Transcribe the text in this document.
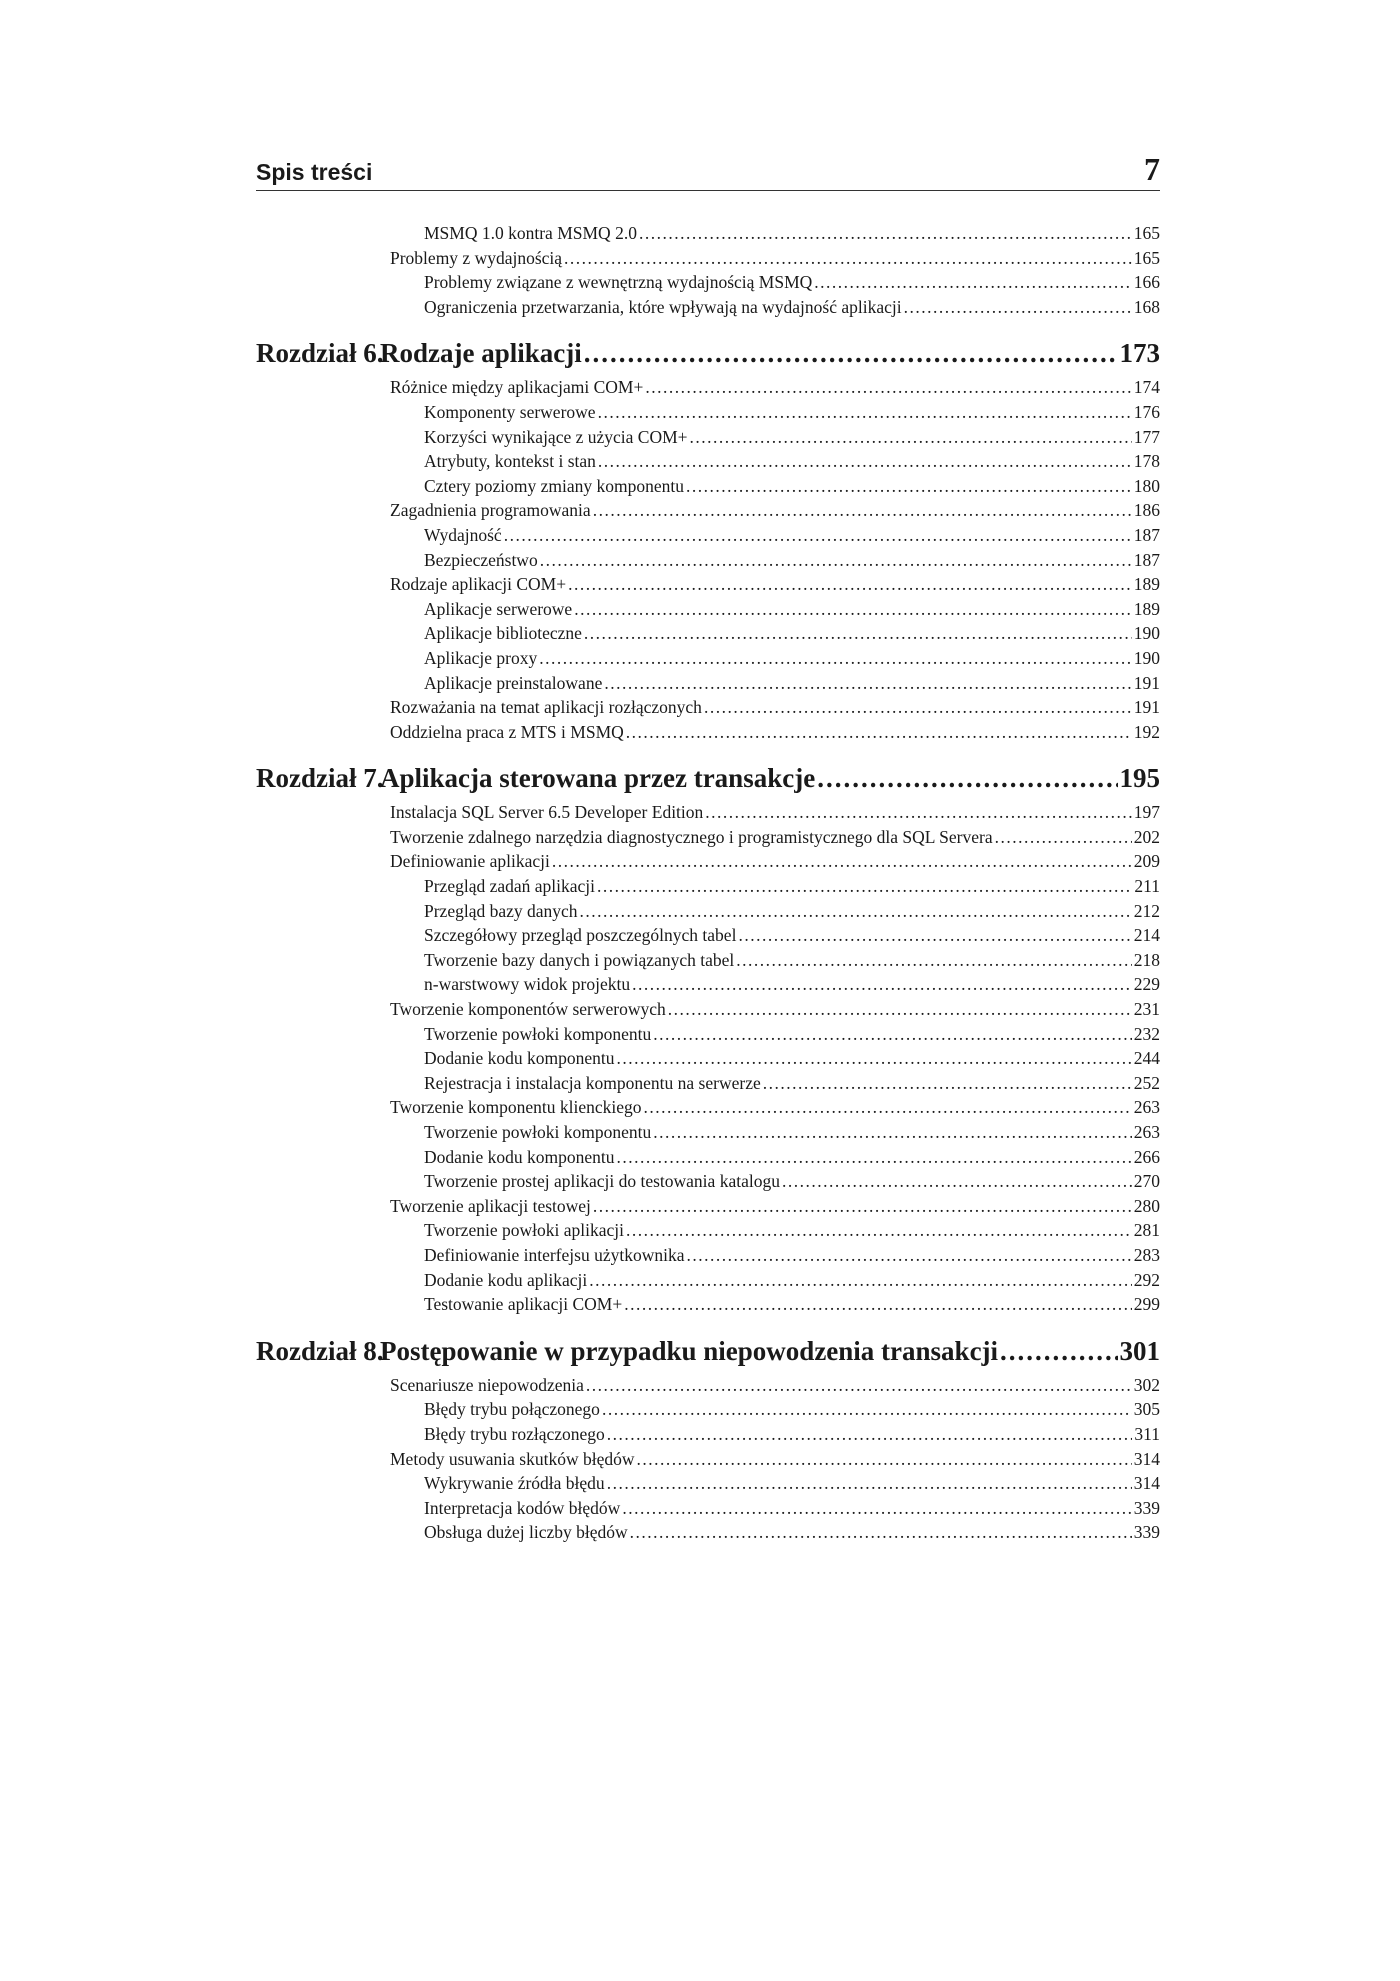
Spis treści	7
MSMQ 1.0 kontra MSMQ 2.0 .....	165
Problemy z wydajnością .....	165
Problemy związane z wewnętrzną wydajnością MSMQ .....	166
Ograniczenia przetwarzania, które wpływają na wydajność aplikacji .....	168
Rozdział 6.Rodzaje aplikacji .....	173
Różnice między aplikacjami COM+ .....	174
Komponenty serwerowe .....	176
Korzyści wynikające z użycia COM+ .....	177
Atrybuty, kontekst i stan .....	178
Cztery poziomy zmiany komponentu .....	180
Zagadnienia programowania .....	186
Wydajność .....	187
Bezpieczeństwo .....	187
Rodzaje aplikacji COM+ .....	189
Aplikacje serwerowe .....	189
Aplikacje biblioteczne .....	190
Aplikacje proxy .....	190
Aplikacje preinstalowane .....	191
Rozważania na temat aplikacji rozłączonych .....	191
Oddzielna praca z MTS i MSMQ .....	192
Rozdział 7.Aplikacja sterowana przez transakcje .....	195
Instalacja SQL Server 6.5 Developer Edition .....	197
Tworzenie zdalnego narzędzia diagnostycznego i programistycznego dla SQL Servera .....	202
Definiowanie aplikacji .....	209
Przegląd zadań aplikacji .....	211
Przegląd bazy danych .....	212
Szczegółowy przegląd poszczególnych tabel .....	214
Tworzenie bazy danych i powiązanych tabel .....	218
n-warstwowy widok projektu .....	229
Tworzenie komponentów serwerowych .....	231
Tworzenie powłoki komponentu .....	232
Dodanie kodu komponentu .....	244
Rejestracja i instalacja komponentu na serwerze .....	252
Tworzenie komponentu klienckiego .....	263
Tworzenie powłoki komponentu .....	263
Dodanie kodu komponentu .....	266
Tworzenie prostej aplikacji do testowania katalogu .....	270
Tworzenie aplikacji testowej .....	280
Tworzenie powłoki aplikacji .....	281
Definiowanie interfejsu użytkownika .....	283
Dodanie kodu aplikacji .....	292
Testowanie aplikacji COM+ .....	299
Rozdział 8.Postępowanie w przypadku niepowodzenia transakcji .....	301
Scenariusze niepowodzenia .....	302
Błędy trybu połączonego .....	305
Błędy trybu rozłączonego .....	311
Metody usuwania skutków błędów .....	314
Wykrywanie źródła błędu .....	314
Interpretacja kodów błędów .....	339
Obsługa dużej liczby błędów .....	339
